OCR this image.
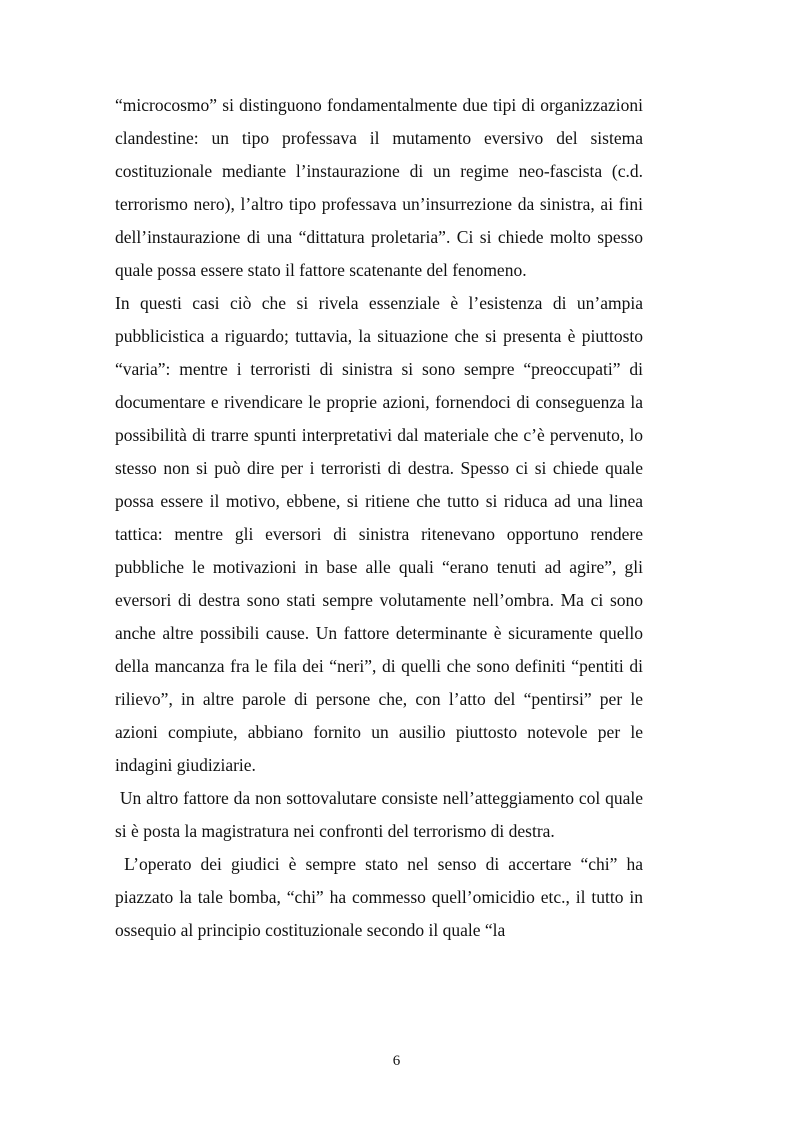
“microcosmo” si distinguono fondamentalmente due tipi di organizzazioni clandestine: un tipo professava il mutamento eversivo del sistema costituzionale mediante l’instaurazione di un regime neo-fascista (c.d. terrorismo nero), l’altro tipo professava un’insurrezione da sinistra, ai fini dell’instaurazione di una “dittatura proletaria”. Ci si chiede molto spesso quale possa essere stato il fattore scatenante del fenomeno.

In questi casi ciò che si rivela essenziale è l’esistenza di un’ampia pubblicistica a riguardo; tuttavia, la situazione che si presenta è piuttosto “varia”: mentre i terroristi di sinistra si sono sempre “preoccupati” di documentare e rivendicare le proprie azioni, fornendoci di conseguenza la possibilità di trarre spunti interpretativi dal materiale che c’è pervenuto, lo stesso non si può dire per i terroristi di destra. Spesso ci si chiede quale possa essere il motivo, ebbene, si ritiene che tutto si riduca ad una linea tattica: mentre gli eversori di sinistra ritenevano opportuno rendere pubbliche le motivazioni in base alle quali “erano tenuti ad agire”, gli eversori di destra sono stati sempre volutamente nell’ombra. Ma ci sono anche altre possibili cause. Un fattore determinante è sicuramente quello della mancanza fra le fila dei “neri”, di quelli che sono definiti “pentiti di rilievo”, in altre parole di persone che, con l’atto del “pentirsi” per le azioni compiute, abbiano fornito un ausilio piuttosto notevole per le indagini giudiziarie.

Un altro fattore da non sottovalutare consiste nell’atteggiamento col quale si è posta la magistratura nei confronti del terrorismo di destra.

L’operato dei giudici è sempre stato nel senso di accertare “chi” ha piazzato la tale bomba, “chi” ha commesso quell’omicidio etc., il tutto in ossequio al principio costituzionale secondo il quale “la

6
